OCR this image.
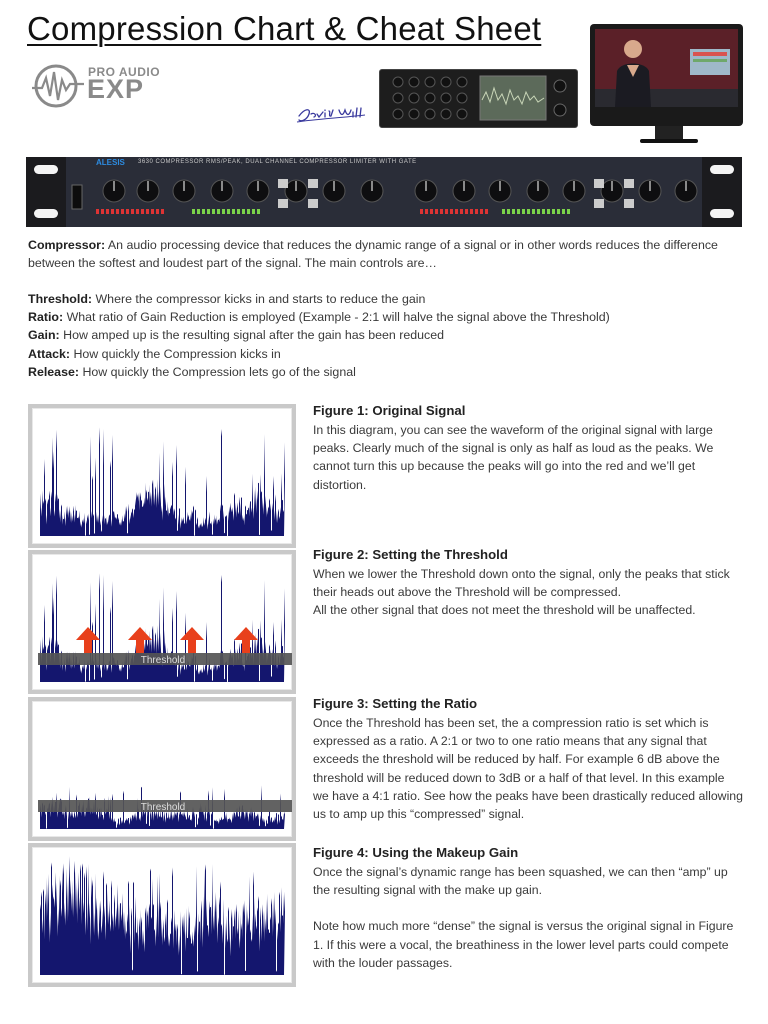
Compression Chart & Cheat Sheet
PRO AUDIO
EXP
ALESIS 3630 COMPRESSOR RMS/PEAK, DUAL CHANNEL COMPRESSOR LIMITER WITH GATE
Compressor: An audio processing device that reduces the dynamic range of a signal or in other words reduces the difference between the softest and loudest part of the signal. The main controls are…
Threshold: Where the compressor kicks in and starts to reduce the gain
Ratio: What ratio of Gain Reduction is employed (Example - 2:1 will halve the signal above the Threshold)
Gain: How amped up is the resulting signal after the gain has been reduced
Attack: How quickly the Compression kicks in
Release: How quickly the Compression lets go of the signal
Figure 1: Original Signal

In this diagram, you can see the waveform of the original signal with large peaks. Clearly much of the signal is only as half as loud as the peaks. We cannot turn this up because the peaks will go into the red and we’ll get distortion.

Threshold
Figure 2: Setting the Threshold

When we lower the Threshold down onto the signal, only the peaks that stick their heads out above the Threshold will be compressed.

All the other signal that does not meet the threshold will be unaffected.

Threshold
Figure 3: Setting the Ratio

Once the Threshold has been set, the a compression ratio is set which is expressed as a ratio. A 2:1 or two to one ratio means that any signal that exceeds the threshold will be reduced by half. For example 6 dB above the threshold will be reduced down to 3dB or a half of that level. In this example we have a 4:1 ratio. See how the peaks have been drastically reduced allowing us to amp up this “compressed” signal.

Figure 4: Using the Makeup Gain

Once the signal’s dynamic range has been squashed, we can then “amp” up the resulting signal with the make up gain.

Note how much more “dense” the signal is versus the original signal in Figure 1. If this were a vocal, the breathiness in the lower level parts could compete with the louder passages.
